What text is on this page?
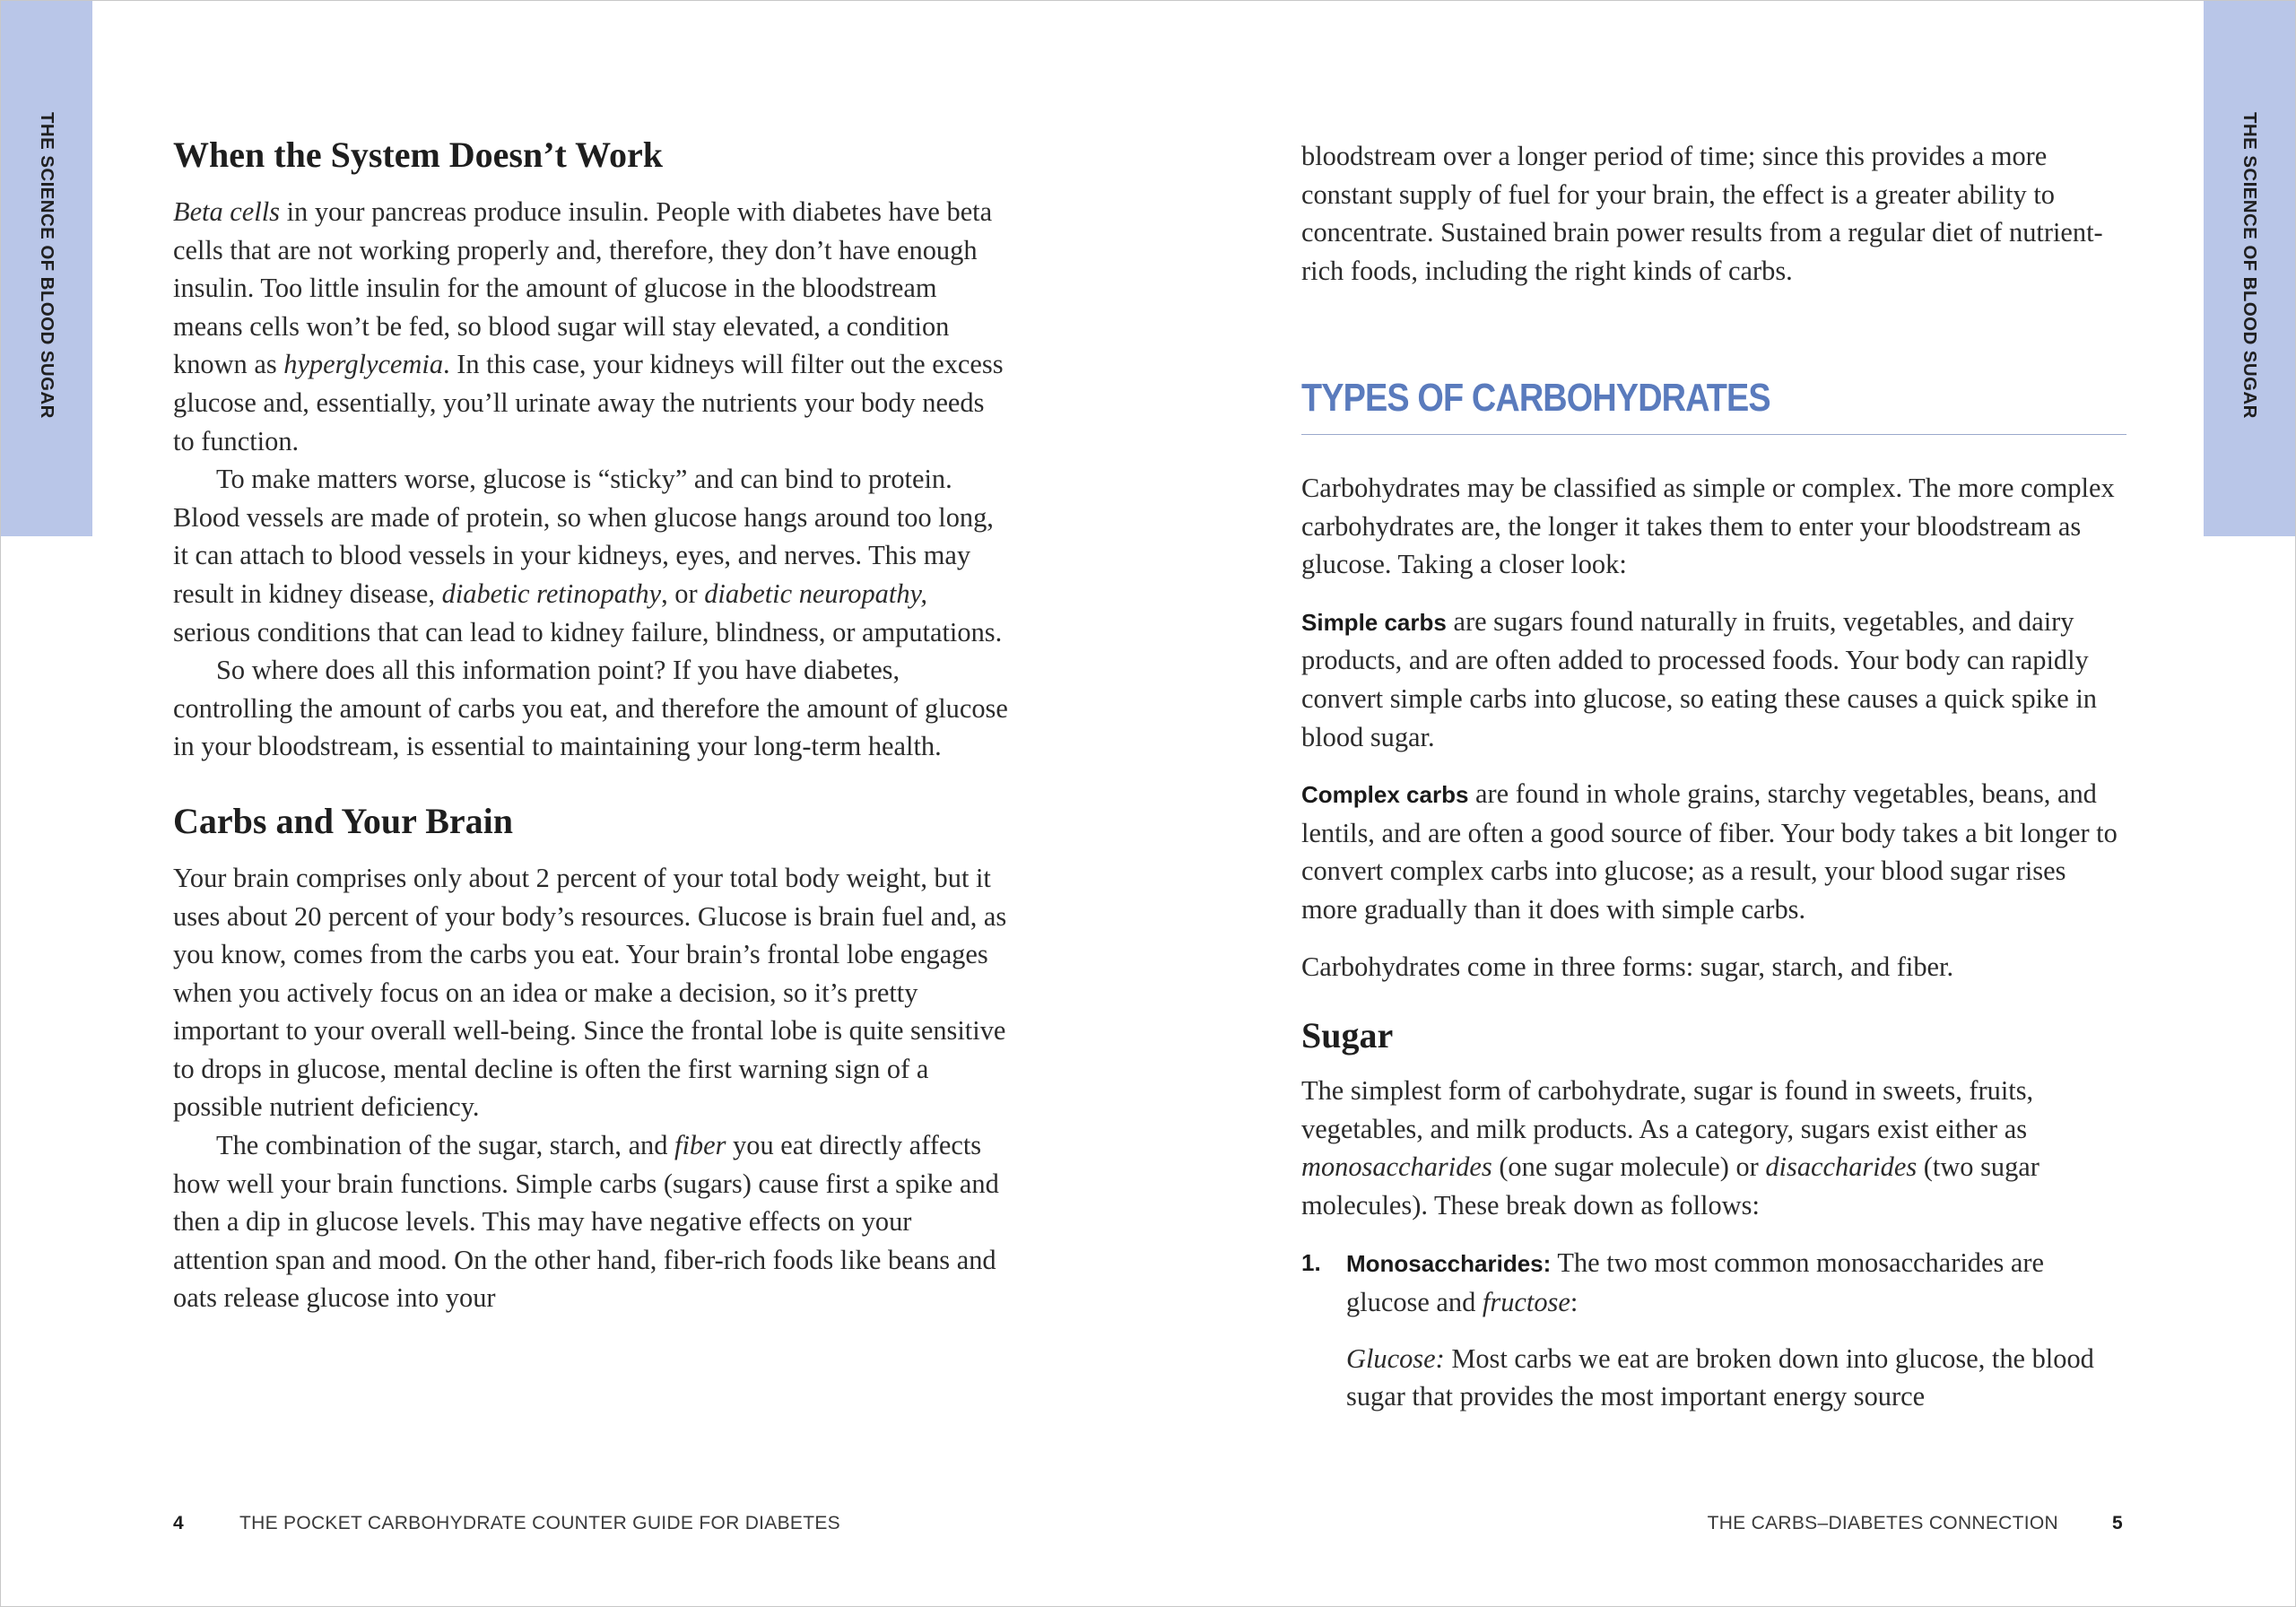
THE SCIENCE OF BLOOD SUGAR	THE SCIENCE OF BLOOD SUGAR
When the System Doesn’t Work

Beta cells in your pancreas produce insulin. People with diabetes have beta cells that are not working properly and, therefore, they don’t have enough insulin. Too little insulin for the amount of glucose in the bloodstream means cells won’t be fed, so blood sugar will stay elevated, a condition known as hyperglycemia. In this case, your kidneys will filter out the excess glucose and, essentially, you’ll urinate away the nutrients your body needs to function.

To make matters worse, glucose is “sticky” and can bind to protein. Blood vessels are made of protein, so when glucose hangs around too long, it can attach to blood vessels in your kidneys, eyes, and nerves. This may result in kidney disease, diabetic retinopathy, or diabetic neuropathy, serious conditions that can lead to kidney failure, blindness, or amputations.

So where does all this information point? If you have diabetes, controlling the amount of carbs you eat, and therefore the amount of glucose in your bloodstream, is essential to maintaining your long-term health.

Carbs and Your Brain

Your brain comprises only about 2 percent of your total body weight, but it uses about 20 percent of your body’s resources. Glucose is brain fuel and, as you know, comes from the carbs you eat. Your brain’s frontal lobe engages when you actively focus on an idea or make a decision, so it’s pretty important to your overall well-being. Since the frontal lobe is quite sensitive to drops in glucose, mental decline is often the first warning sign of a possible nutrient deficiency.

The combination of the sugar, starch, and fiber you eat directly affects how well your brain functions. Simple carbs (sugars) cause first a spike and then a dip in glucose levels. This may have negative effects on your attention span and mood. On the other hand, fiber-rich foods like beans and oats release glucose into your

bloodstream over a longer period of time; since this provides a more constant supply of fuel for your brain, the effect is a greater ability to concentrate. Sustained brain power results from a regular diet of nutrient-rich foods, including the right kinds of carbs.

TYPES OF CARBOHYDRATES

Carbohydrates may be classified as simple or complex. The more complex carbohydrates are, the longer it takes them to enter your bloodstream as glucose. Taking a closer look:

Simple carbs are sugars found naturally in fruits, vegetables, and dairy products, and are often added to processed foods. Your body can rapidly convert simple carbs into glucose, so eating these causes a quick spike in blood sugar.

Complex carbs are found in whole grains, starchy vegetables, beans, and lentils, and are often a good source of fiber. Your body takes a bit longer to convert complex carbs into glucose; as a result, your blood sugar rises more gradually than it does with simple carbs.

Carbohydrates come in three forms: sugar, starch, and fiber.

Sugar

The simplest form of carbohydrate, sugar is found in sweets, fruits, vegetables, and milk products. As a category, sugars exist either as monosaccharides (one sugar molecule) or disaccharides (two sugar molecules). These break down as follows:

1. Monosaccharides: The two most common monosaccharides are glucose and fructose:

Glucose: Most carbs we eat are broken down into glucose, the blood sugar that provides the most important energy source

4	THE POCKET CARBOHYDRATE COUNTER GUIDE FOR DIABETES	THE CARBS–DIABETES CONNECTION	5
